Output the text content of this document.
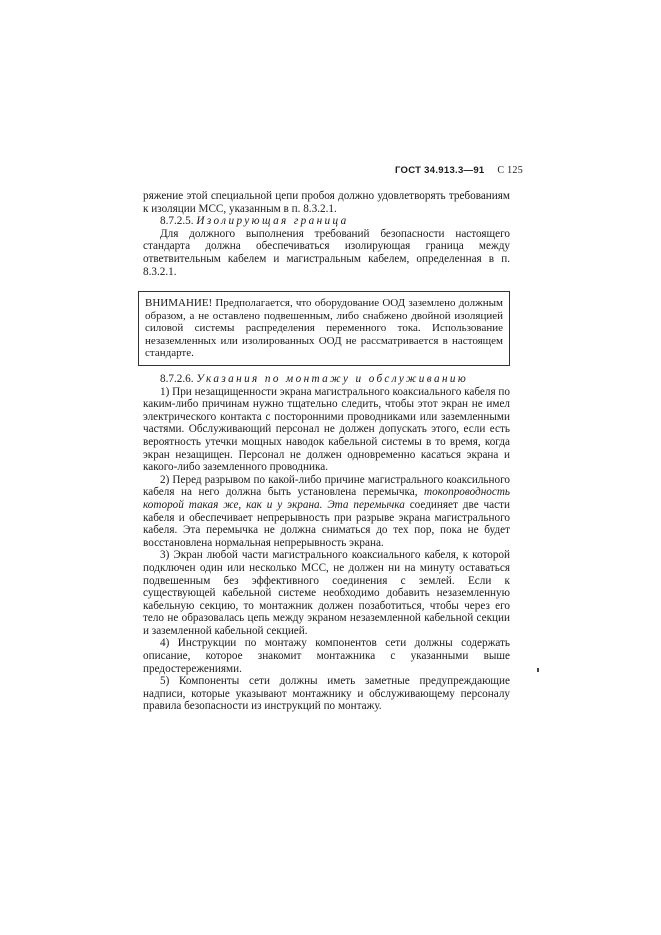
ГОСТ 34.913.3—91 С 125

ряжение этой специальной цепи пробоя должно удовлетворять требованиям к изоляции МСС, указанным в п. 8.3.2.1.

8.7.2.5. Изолирующая граница

Для должного выполнения требований безопасности настоящего стандарта должна обеспечиваться изолирующая граница между ответвительным кабелем и магистральным кабелем, определенная в п. 8.3.2.1.

ВНИМАНИЕ! Предполагается, что оборудование ООД заземлено должным образом, а не оставлено подвешенным, либо снабжено двойной изоляцией силовой системы распределения переменного тока. Использование незаземленных или изолированных ООД не рассматривается в настоящем стандарте.

8.7.2.6. Указания по монтажу и обслуживанию

1) При незащищенности экрана магистрального коаксиального кабеля по каким-либо причинам нужно тщательно следить, чтобы этот экран не имел электрического контакта с посторонними проводниками или заземленными частями. Обслуживающий персонал не должен допускать этого, если есть вероятность утечки мощных наводок кабельной системы в то время, когда экран незащищен. Персонал не должен одновременно касаться экрана и какого-либо заземленного проводника.

2) Перед разрывом по какой-либо причине магистрального коаксильного кабеля на него должна быть установлена перемычка, токопроводность которой такая же, как и у экрана. Эта перемычка соединяет две части кабеля и обеспечивает непрерывность при разрыве экрана магистрального кабеля. Эта перемычка не должна сниматься до тех пор, пока не будет восстановлена нормальная непрерывность экрана.

3) Экран любой части магистрального коаксиального кабеля, к которой подключен один или несколько МСС, не должен ни на минуту оставаться подвешенным без эффективного соединения с землей. Если к существующей кабельной системе необходимо добавить незаземленную кабельную секцию, то монтажник должен позаботиться, чтобы через его тело не образовалась цепь между экраном незаземленной кабельной секции и заземленной кабельной секцией.

4) Инструкции по монтажу компонентов сети должны содержать описание, которое знакомит монтажника с указанными выше предостережениями.

5) Компоненты сети должны иметь заметные предупреждающие надписи, которые указывают монтажнику и обслуживающему персоналу правила безопасности из инструкций по монтажу.
